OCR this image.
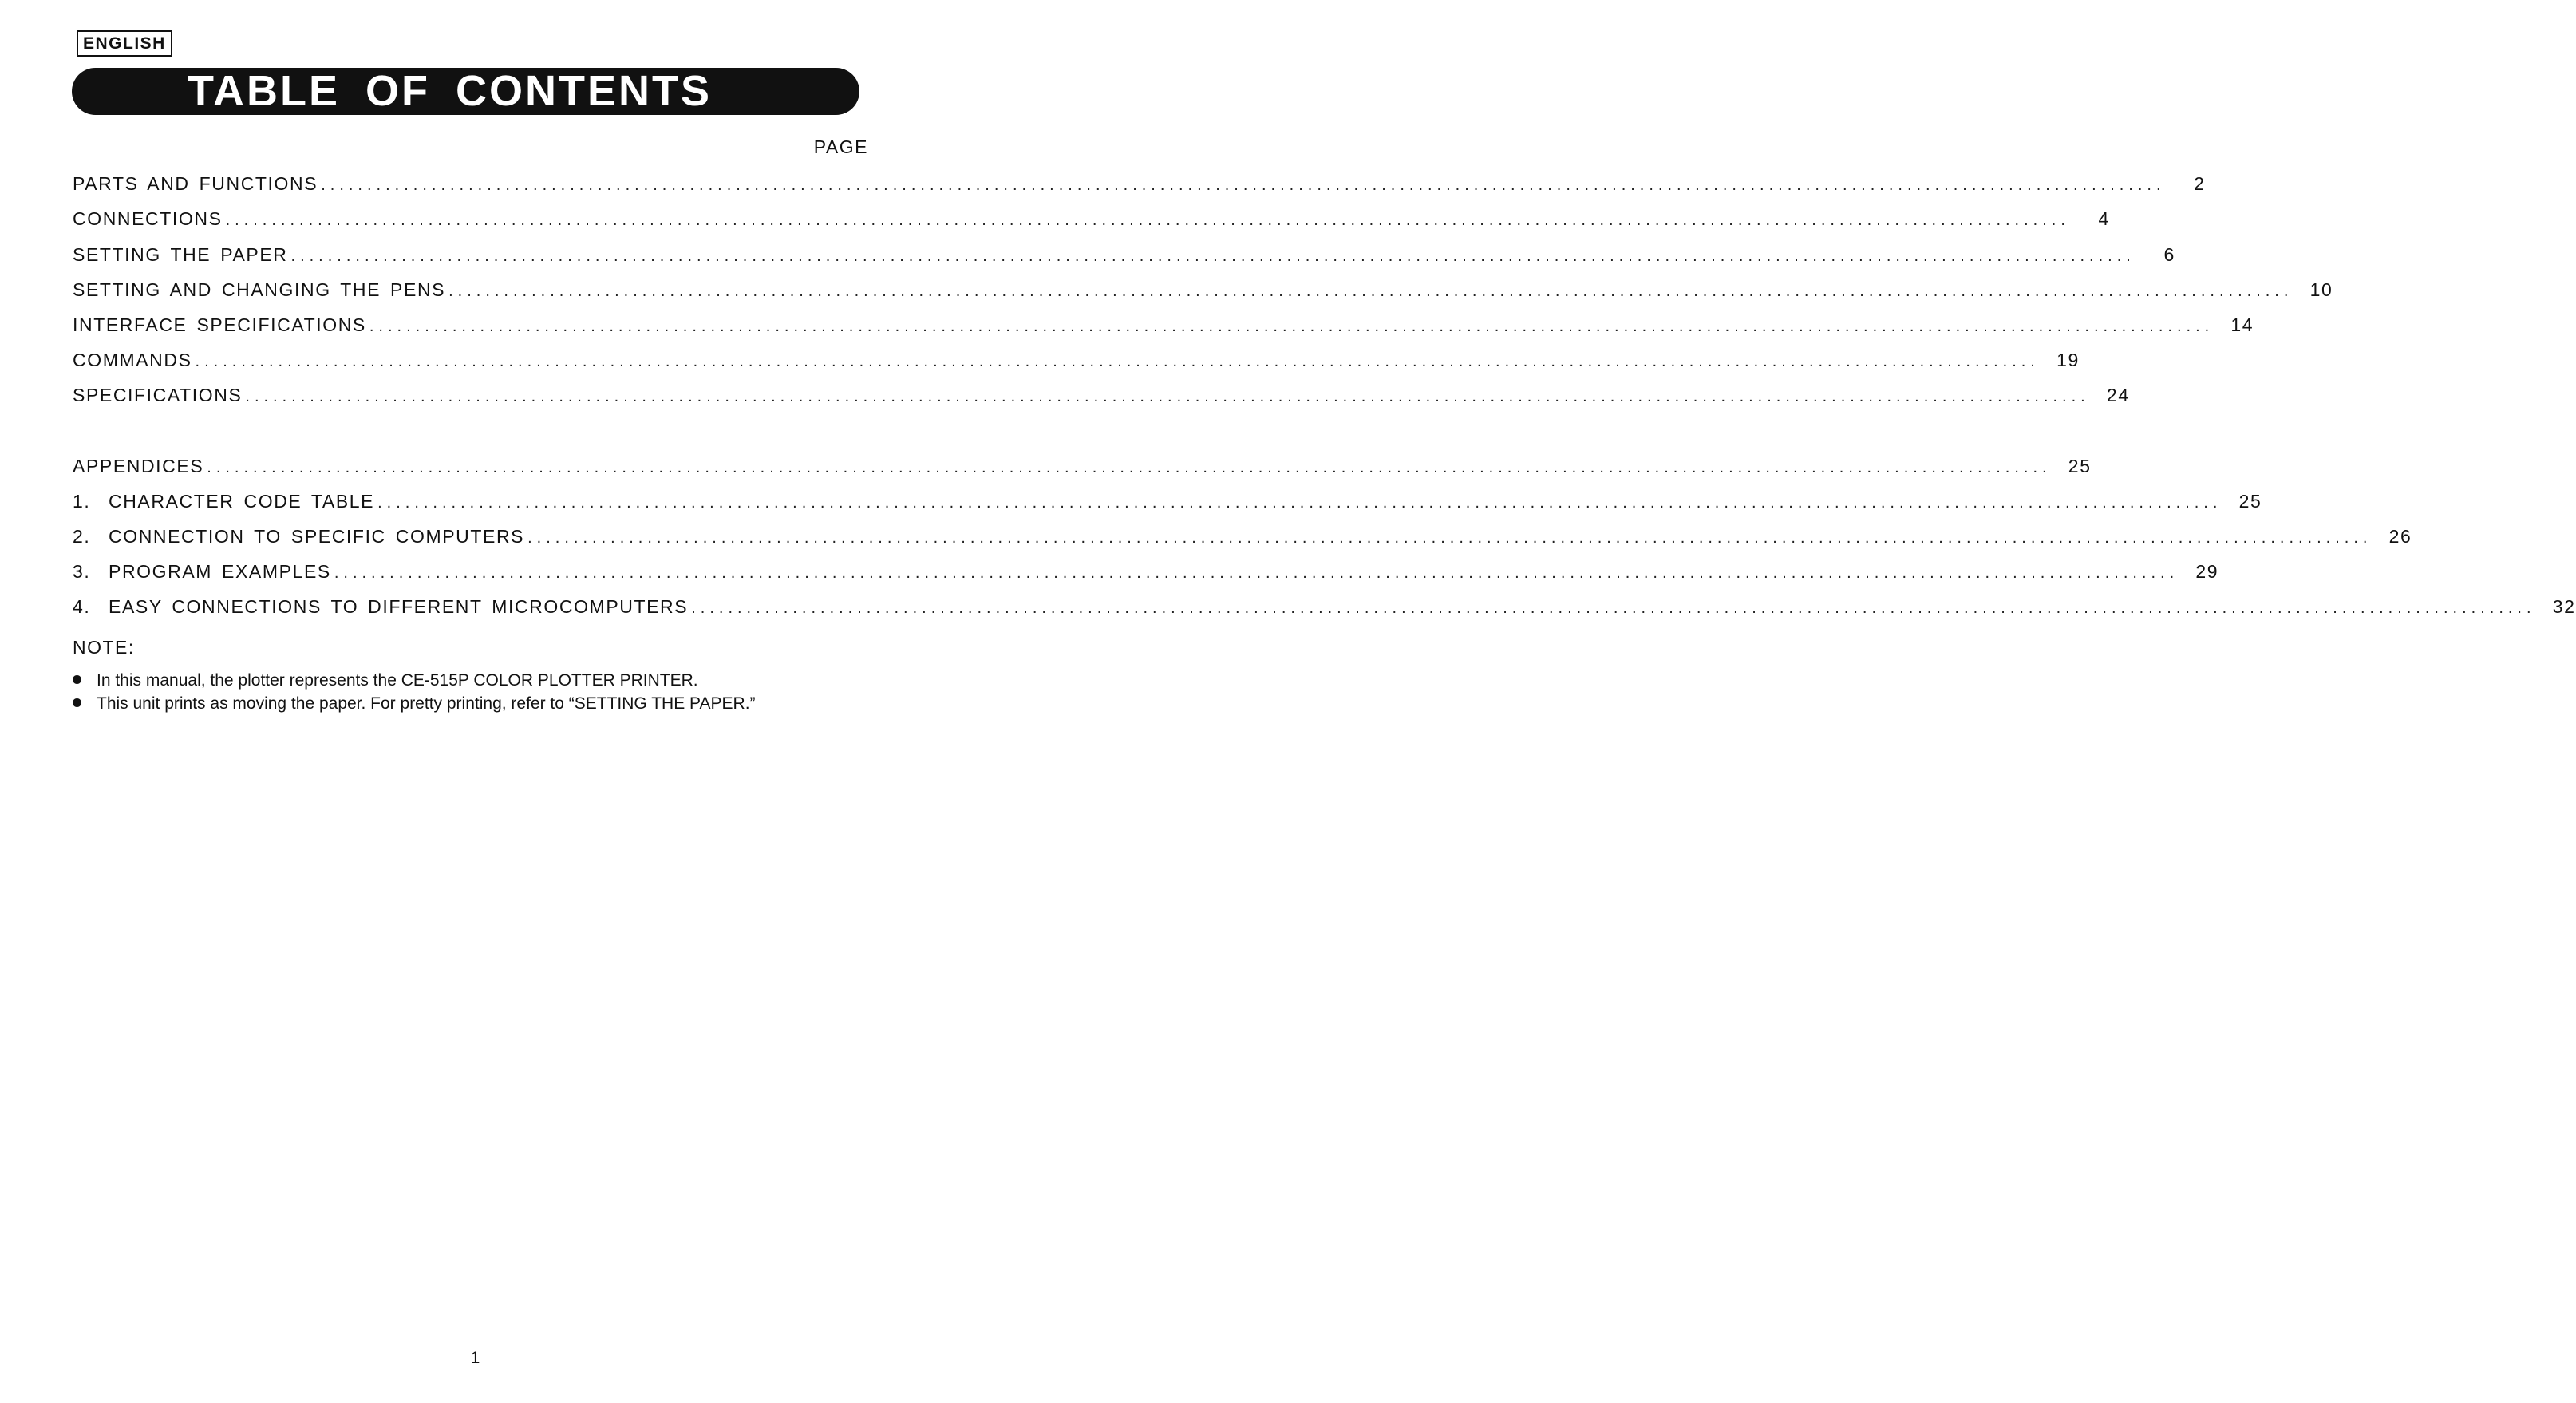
ENGLISH
TABLE OF CONTENTS
PAGE
PARTS AND FUNCTIONS ........................................................................................................................................................................................................	2
CONNECTIONS ........................................................................................................................................................................................................	4
SETTING THE PAPER ........................................................................................................................................................................................................	6
SETTING AND CHANGING THE PENS ........................................................................................................................................................................................................ 10
INTERFACE SPECIFICATIONS ........................................................................................................................................................................................................ 14
COMMANDS ........................................................................................................................................................................................................ 19
SPECIFICATIONS ........................................................................................................................................................................................................ 24
APPENDICES ........................................................................................................................................................................................................ 25
1. CHARACTER CODE TABLE ........................................................................................................................................................................................................ 25
2. CONNECTION TO SPECIFIC COMPUTERS ........................................................................................................................................................................................................ 26
3. PROGRAM EXAMPLES ........................................................................................................................................................................................................ 29
4. EASY CONNECTIONS TO DIFFERENT MICROCOMPUTERS ........................................................................................................................................................................................................ 32
NOTE:
In this manual, the plotter represents the CE-515P COLOR PLOTTER PRINTER.
This unit prints as moving the paper. For pretty printing, refer to “SETTING THE PAPER.”
1
